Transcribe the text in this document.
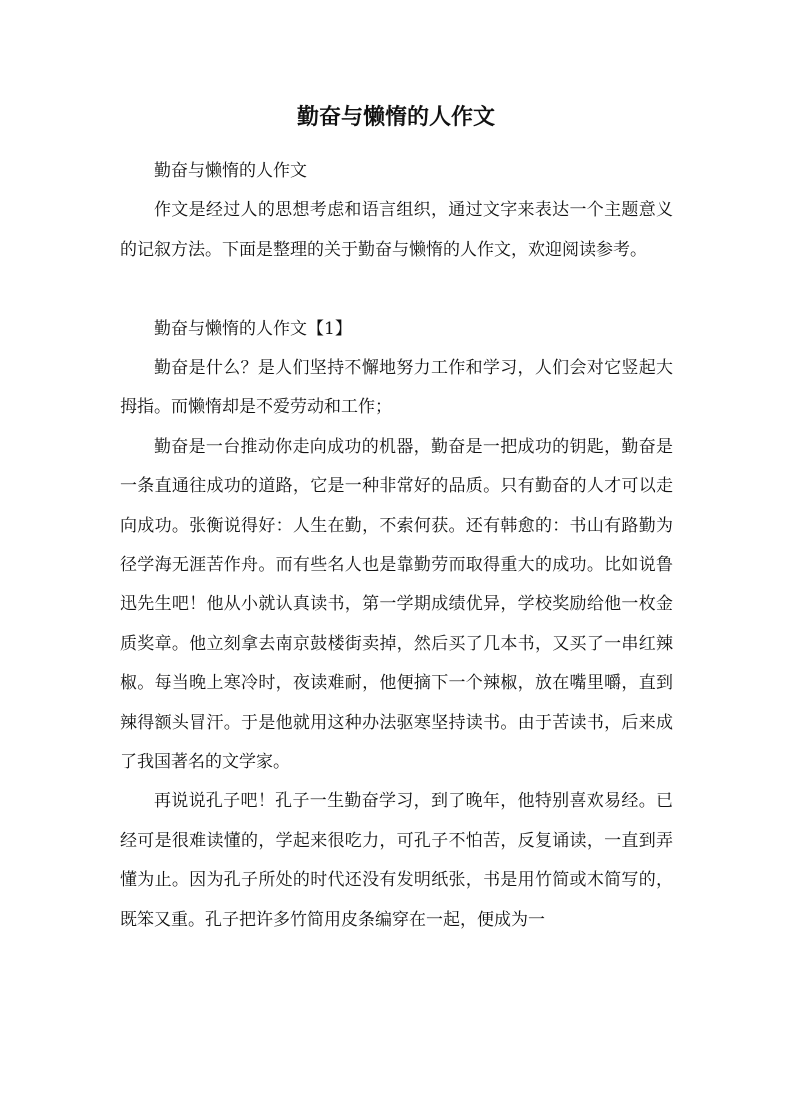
勤奋与懒惰的人作文

勤奋与懒惰的人作文

作文是经过人的思想考虑和语言组织，通过文字来表达一个主题意义的记叙方法。下面是整理的关于勤奋与懒惰的人作文，欢迎阅读参考。

勤奋与懒惰的人作文【1】

勤奋是什么？是人们坚持不懈地努力工作和学习，人们会对它竖起大拇指。而懒惰却是不爱劳动和工作；

勤奋是一台推动你走向成功的机器，勤奋是一把成功的钥匙，勤奋是一条直通往成功的道路，它是一种非常好的品质。只有勤奋的人才可以走向成功。张衡说得好：人生在勤，不索何获。还有韩愈的：书山有路勤为径学海无涯苦作舟。而有些名人也是靠勤劳而取得重大的成功。比如说鲁迅先生吧！他从小就认真读书，第一学期成绩优异，学校奖励给他一枚金质奖章。他立刻拿去南京鼓楼街卖掉，然后买了几本书，又买了一串红辣椒。每当晚上寒冷时，夜读难耐，他便摘下一个辣椒，放在嘴里嚼，直到辣得额头冒汗。于是他就用这种办法驱寒坚持读书。由于苦读书，后来成了我国著名的文学家。

再说说孔子吧！孔子一生勤奋学习，到了晚年，他特别喜欢易经。已经可是很难读懂的，学起来很吃力，可孔子不怕苦，反复诵读，一直到弄懂为止。因为孔子所处的时代还没有发明纸张，书是用竹简或木简写的，既笨又重。孔子把许多竹简用皮条编穿在一起，便成为一
